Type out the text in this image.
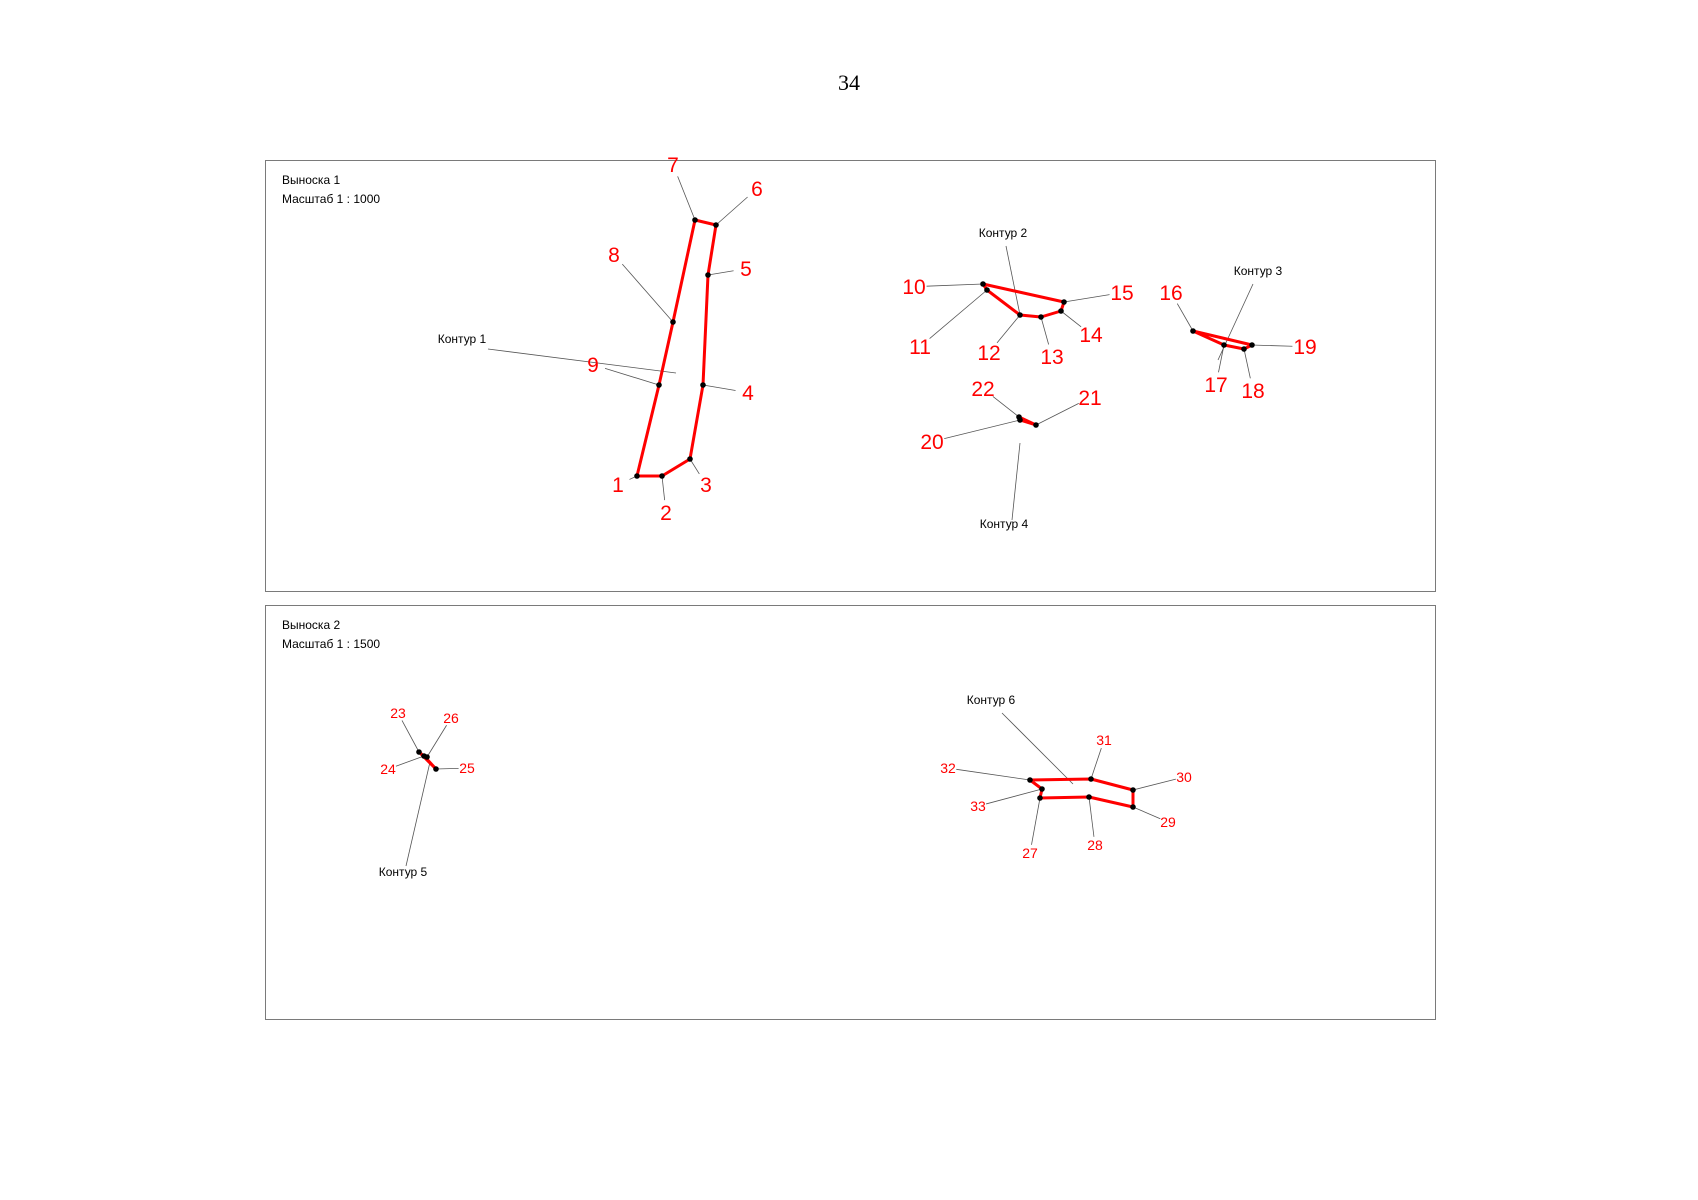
34
Выноска 1
Масштаб 1 : 1000
Выноска 2
Масштаб 1 : 1500
Контур 1
1
2
3
4
5
6
7
8
9
Контур 2
10
11 12 13
14
15
Контур 3
16
17 18
19
Контур 4
20
21
22
Контур 5
23
24	25
26
Контур 6
27	28
29
30
31
32
33
